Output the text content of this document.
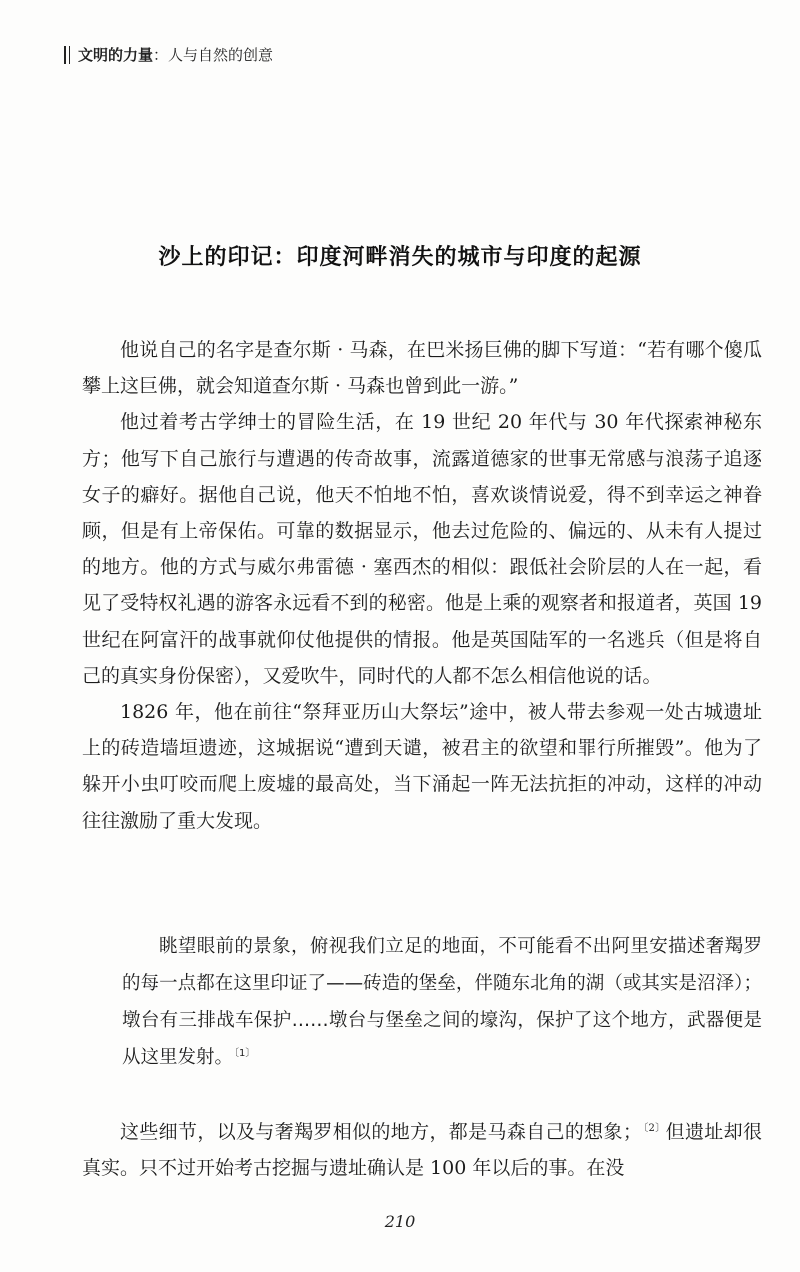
文明的力量 ：人与自然的创意
沙上的印记：印度河畔消失的城市与印度的起源

他说自己的名字是查尔斯 · 马森，在巴米扬巨佛的脚下写道：“若有哪个傻瓜攀上这巨佛，就会知道查尔斯 · 马森也曾到此一游。”

他过着考古学绅士的冒险生活，在 19 世纪 20 年代与 30 年代探索神秘东方；他写下自己旅行与遭遇的传奇故事，流露道德家的世事无常感与浪荡子追逐女子的癖好。据他自己说，他天不怕地不怕，喜欢谈情说爱，得不到幸运之神眷顾，但是有上帝保佑。可靠的数据显示，他去过危险的、偏远的、从未有人提过的地方。他的方式与威尔弗雷德 · 塞西杰的相似：跟低社会阶层的人在一起，看见了受特权礼遇的游客永远看不到的秘密。他是上乘的观察者和报道者，英国 19 世纪在阿富汗的战事就仰仗他提供的情报。他是英国陆军的一名逃兵（但是将自己的真实身份保密），又爱吹牛，同时代的人都不怎么相信他说的话。

1826 年，他在前往“祭拜亚历山大祭坛”途中，被人带去参观一处古城遗址上的砖造墙垣遗迹，这城据说“遭到天谴，被君主的欲望和罪行所摧毁”。他为了躲开小虫叮咬而爬上废墟的最高处，当下涌起一阵无法抗拒的冲动，这样的冲动往往激励了重大发现。

眺望眼前的景象，俯视我们立足的地面，不可能看不出阿里安描述奢羯罗的每一点都在这里印证了——砖造的堡垒，伴随东北角的湖（或其实是沼泽）；墩台有三排战车保护……墩台与堡垒之间的壕沟，保护了这个地方，武器便是从这里发射。$^{〔1〕}$

这些细节，以及与奢羯罗相似的地方，都是马森自己的想象；$^{〔2〕}$但遗址却很真实。只不过开始考古挖掘与遗址确认是 100 年以后的事。在没

210
